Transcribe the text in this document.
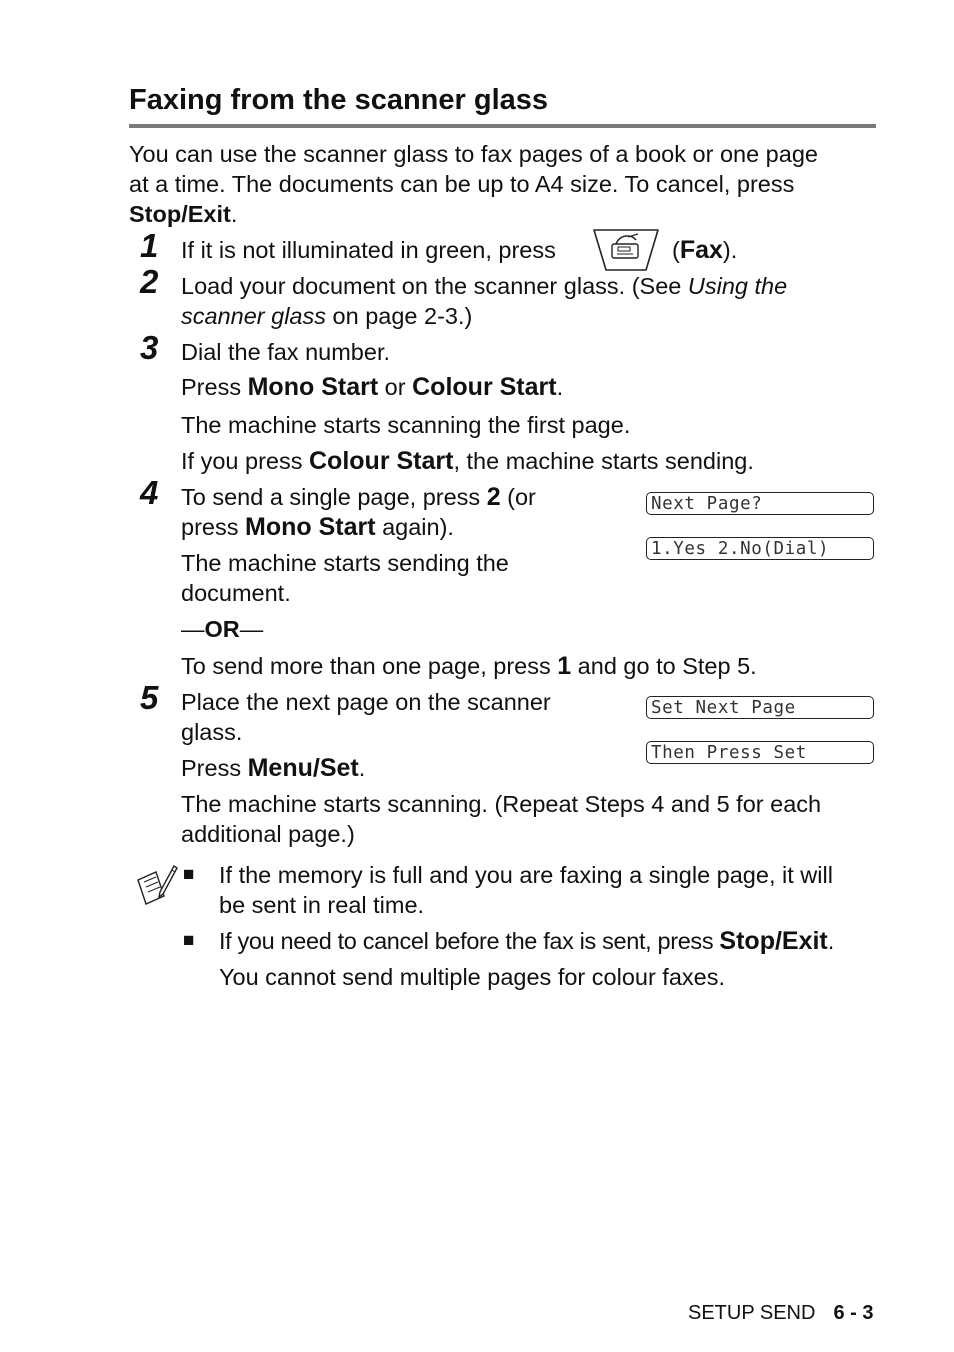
Faxing from the scanner glass
You can use the scanner glass to fax pages of a book or one page
at a time. The documents can be up to A4 size. To cancel, press
Stop/Exit.
1 If it is not illuminated in green, press	(Fax).
2 Load your document on the scanner glass. (See Using the
scanner glass on page 2-3.)
3 Dial the fax number.
Press Mono Start or Colour Start.
The machine starts scanning the first page.
If you press Colour Start, the machine starts sending.
4 To send a single page, press 2 (or
press Mono Start again).
The machine starts sending the
document.
—OR—
To send more than one page, press 1 and go to Step 5.
Next Page?
1.Yes 2.No(Dial)
5 Place the next page on the scanner
glass.
Press Menu/Set.
The machine starts scanning. (Repeat Steps 4 and 5 for each
additional page.)
Set Next Page
Then Press Set
■ If the memory is full and you are faxing a single page, it will
be sent in real time.
■ If you need to cancel before the fax is sent, press Stop/Exit.
You cannot send multiple pages for colour faxes.
SETUP SEND 6 - 3
